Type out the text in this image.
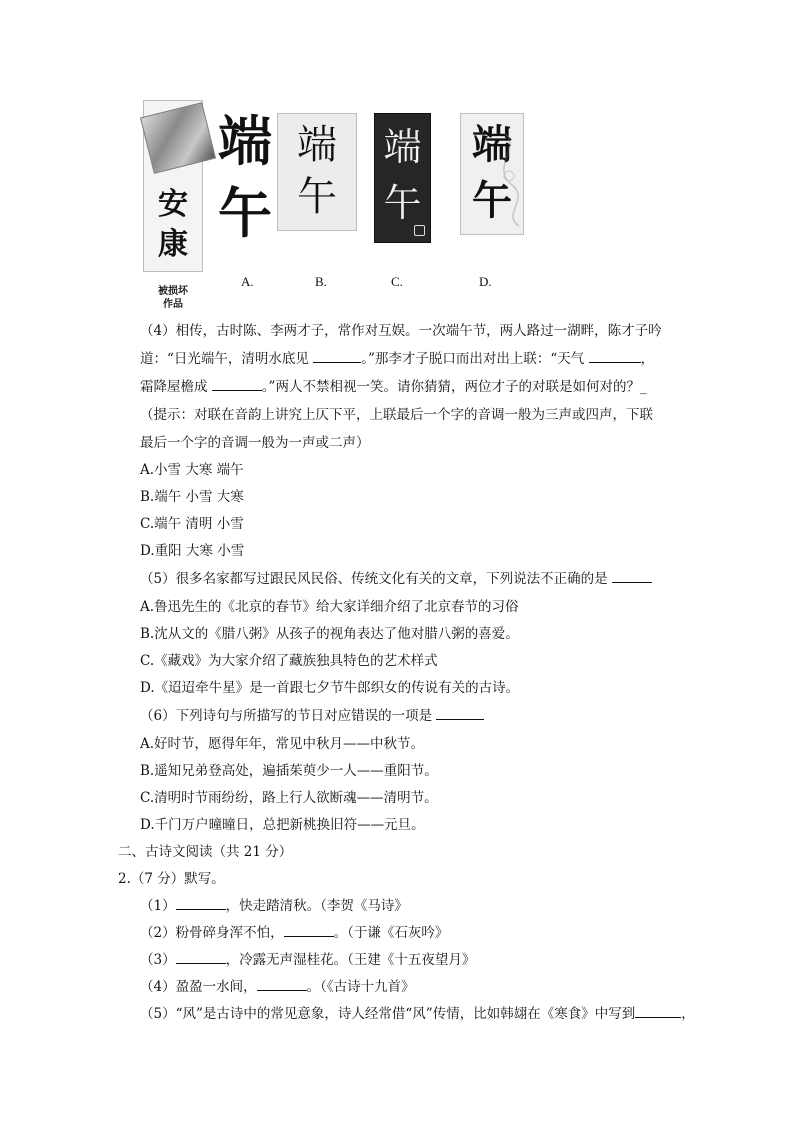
安
康
被损坏
作品
端
午
A.
端
午
B.
端
午
C.
端
午
D.
（4）相传，古时陈、李两才子，常作对互娱。一次端午节，两人路过一湖畔，陈才子吟
道：“日光端午，清明水底见	。”那李才子脱口而出对出上联：“天气	，
霜降屋檐成	。”两人不禁相视一笑。请你猜猜，两位才子的对联是如何对的？_
（提示：对联在音韵上讲究上仄下平，上联最后一个字的音调一般为三声或四声，下联
最后一个字的音调一般为一声或二声）
A.小雪 大寒 端午
B.端午 小雪 大寒
C.端午 清明 小雪
D.重阳 大寒 小雪
（5）很多名家都写过跟民风民俗、传统文化有关的文章，下列说法不正确的是
A.鲁迅先生的《北京的春节》给大家详细介绍了北京春节的习俗
B.沈从文的《腊八粥》从孩子的视角表达了他对腊八粥的喜爱。
C.《藏戏》为大家介绍了藏族独具特色的艺术样式
D.《迢迢牵牛星》是一首跟七夕节牛郎织女的传说有关的古诗。
（6）下列诗句与所描写的节日对应错误的一项是
A.好时节，愿得年年，常见中秋月——中秋节。
B.遥知兄弟登高处，遍插茱萸少一人——重阳节。
C.清明时节雨纷纷，路上行人欲断魂——清明节。
D.千门万户曈曈日，总把新桃换旧符——元旦。
二、古诗文阅读（共 21 分）
2.（7 分）默写。
（1）	，快走踏清秋。（李贺《马诗》
（2）粉骨碎身浑不怕，	。（于谦《石灰吟》
（3）	，冷露无声湿桂花。（王建《十五夜望月》
（4）盈盈一水间，	。（《古诗十九首》
（5）“风”是古诗中的常见意象，诗人经常借“风”传情，比如韩翃在《寒食》中写到	，
